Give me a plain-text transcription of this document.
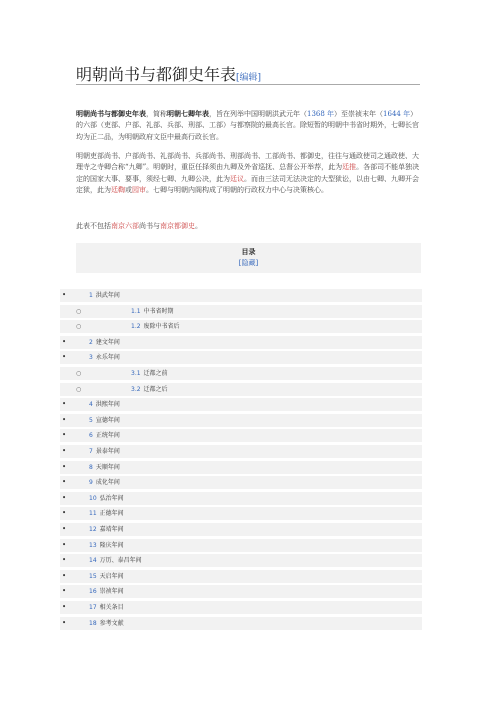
明朝尚书与都御史年表[编辑]
明朝尚书与都御史年表，简称明朝七卿年表，旨在列举中国明朝洪武元年（1368 年）至崇祯末年（1644 年）的六部（吏部、户部、礼部、兵部、刑部、工部）与都察院的最高长官。除短暂的明朝中书省时期外，七卿长官均为正二品，为明朝政府文臣中最高行政长官。
明朝吏部尚书、户部尚书、礼部尚书、兵部尚书、刑部尚书、工部尚书、都御史，往往与通政使司之通政使、大理寺之寺卿合称“九卿”。明朝时，重臣任择须由九卿及外省巡抚、总督公开举荐，此为廷推。各部司不能单独决定的国家大事、要事，须经七卿、九卿公决，此为廷议。而由三法司无法决定的大型狱讼，以由七卿、九卿开会定狱，此为廷鞫或园审。七卿与明朝内阁构成了明朝的行政权力中心与决策核心。
此表不包括南京六部尚书与南京都御史。
目录
[隐藏]
•	1 洪武年间
○	1.1 中书省时期
○	1.2 废除中书省后
•	2 建文年间
•	3 永乐年间
○	3.1 迁都之前
○	3.2 迁都之后
•	4 洪熙年间
•	5 宣德年间
•	6 正统年间
•	7 景泰年间
•	8 天顺年间
•	9 成化年间
•	10 弘治年间
•	11 正德年间
•	12 嘉靖年间
•	13 隆庆年间
•	14 万历、泰昌年间
•	15 天启年间
•	16 崇祯年间
•	17 相关条目
•	18 参考文献
